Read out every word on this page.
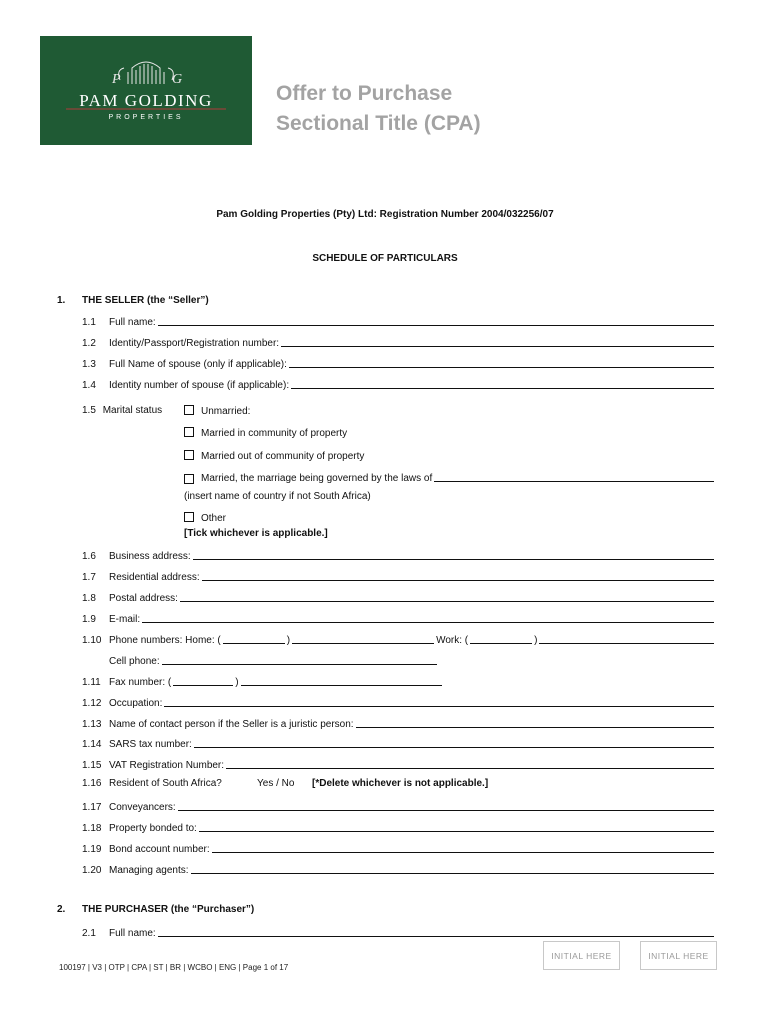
P	G
PAM GOLDING
PROPERTIES
Offer to Purchase
Sectional Title (CPA)
Pam Golding Properties (Pty) Ltd: Registration Number 2004/032256/07
SCHEDULE OF PARTICULARS
1. THE SELLER (the “Seller”)
1.1	Full name:
1.2	Identity/Passport/Registration number:
1.3	Full Name of spouse (only if applicable):
1.4	Identity number of spouse (if applicable):
1.5 Marital status	Unmarried:
Married in community of property
Married out of community of property
Married, the marriage being governed by the laws of
(insert name of country if not South Africa)
Other
[Tick whichever is applicable.]
1.6	Business address:
1.7	Residential address:
1.8	Postal address:
1.9	E-mail:
1.10 Phone numbers: Home: (	)	Work: (	)
Cell phone:
1.11 Fax number: (	)
1.12 Occupation:
1.13 Name of contact person if the Seller is a juristic person:
1.14 SARS tax number:
1.15 VAT Registration Number:
1.16 Resident of South Africa?	Yes / No [*Delete whichever is not applicable.]
1.17 Conveyancers:
1.18 Property bonded to:
1.19 Bond account number:
1.20 Managing agents:
2. THE PURCHASER (the “Purchaser”)
2.1	Full name:
INITIAL HERE	INITIAL HERE
100197 | V3 | OTP | CPA | ST | BR | WCBO | ENG | Page 1 of 17
